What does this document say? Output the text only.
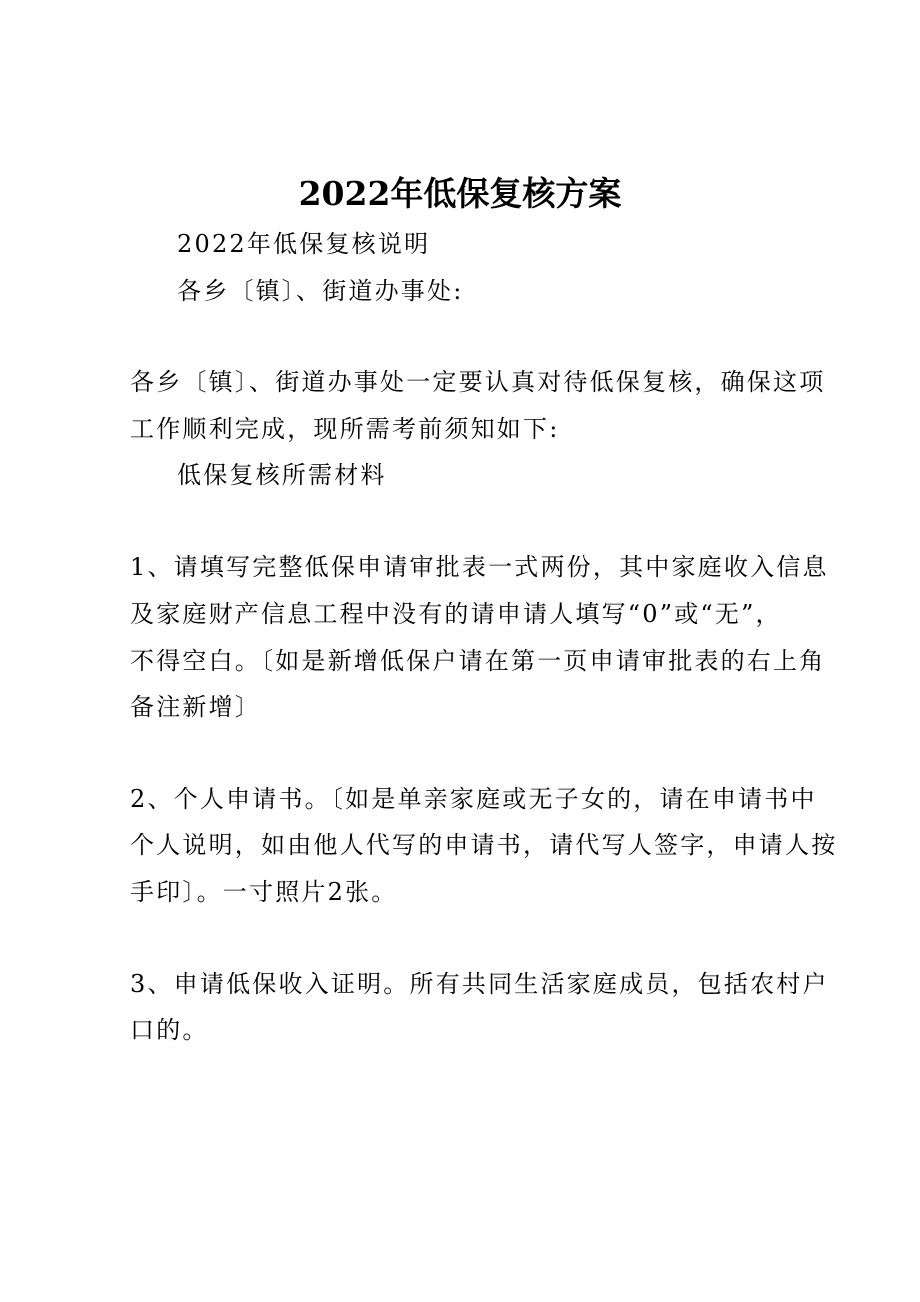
2022年低保复核方案

2022年低保复核说明

各乡〔镇〕、街道办事处:

各乡〔镇〕、街道办事处一定要认真对待低保复核，确保这项

工作顺利完成，现所需考前须知如下:

低保复核所需材料

1、请填写完整低保申请审批表一式两份，其中家庭收入信息

及家庭财产信息工程中没有的请申请人填写“0”或“无”，

不得空白。〔如是新增低保户请在第一页申请审批表的右上角

备注新增〕

2、个人申请书。〔如是单亲家庭或无子女的，请在申请书中

个人说明，如由他人代写的申请书，请代写人签字，申请人按

手印〕。一寸照片2张。

3、申请低保收入证明。所有共同生活家庭成员，包括农村户

口的。
